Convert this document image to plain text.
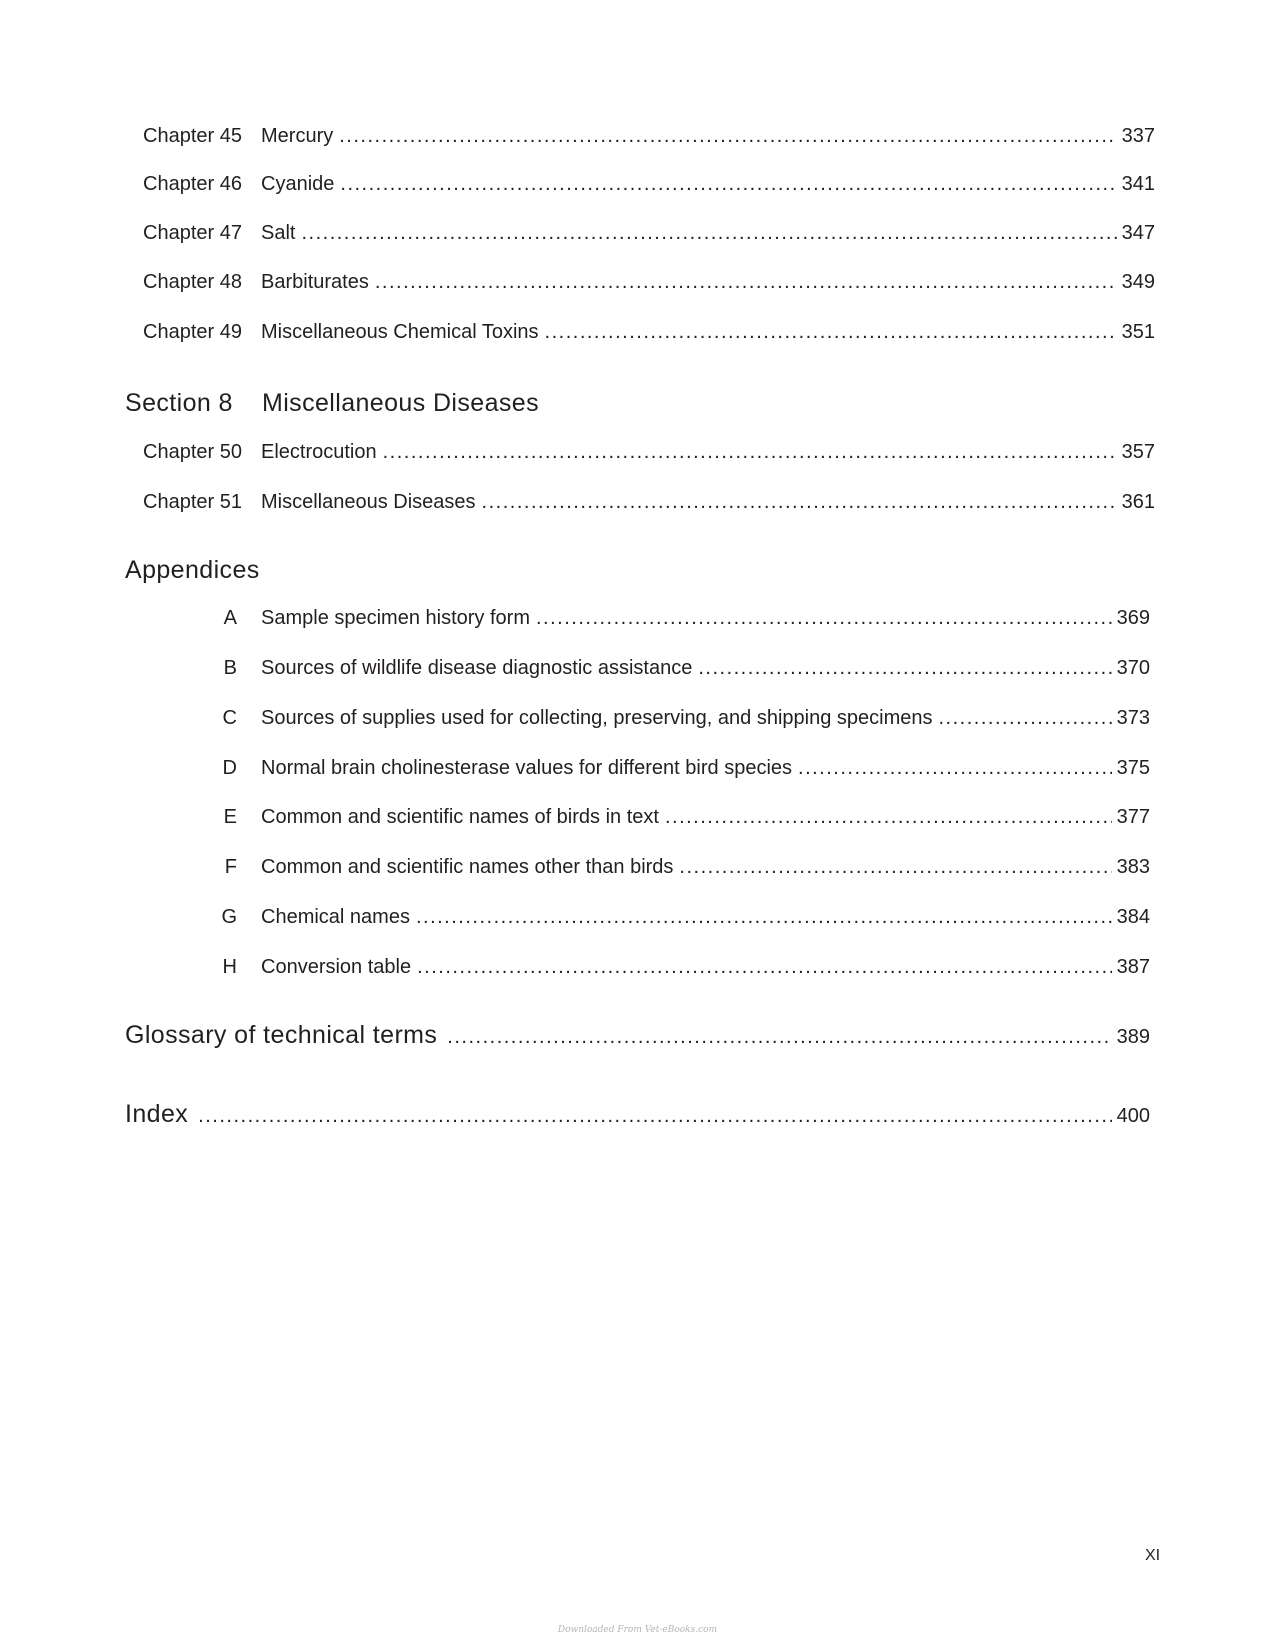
Chapter 45 Mercury .....	337
Chapter 46 Cyanide .....	341
Chapter 47 Salt .....	347
Chapter 48 Barbiturates .....	349
Chapter 49 Miscellaneous Chemical Toxins .....	351
Section 8 Miscellaneous Diseases
Chapter 50 Electrocution .....	357
Chapter 51 Miscellaneous Diseases .....	361
Appendices
A	Sample specimen history form .....	369
B	Sources of wildlife disease diagnostic assistance .....	370
C	Sources of supplies used for collecting, preserving, and shipping specimens .....	373
D	Normal brain cholinesterase values for different bird species .....	375
E	Common and scientific names of birds in text .....	377
F	Common and scientific names other than birds .....	383
G	Chemical names .....	384
H	Conversion table .....	387
Glossary of technical terms .....	389
Index .....	400
XI
Downloaded From Vet-eBooks.com
